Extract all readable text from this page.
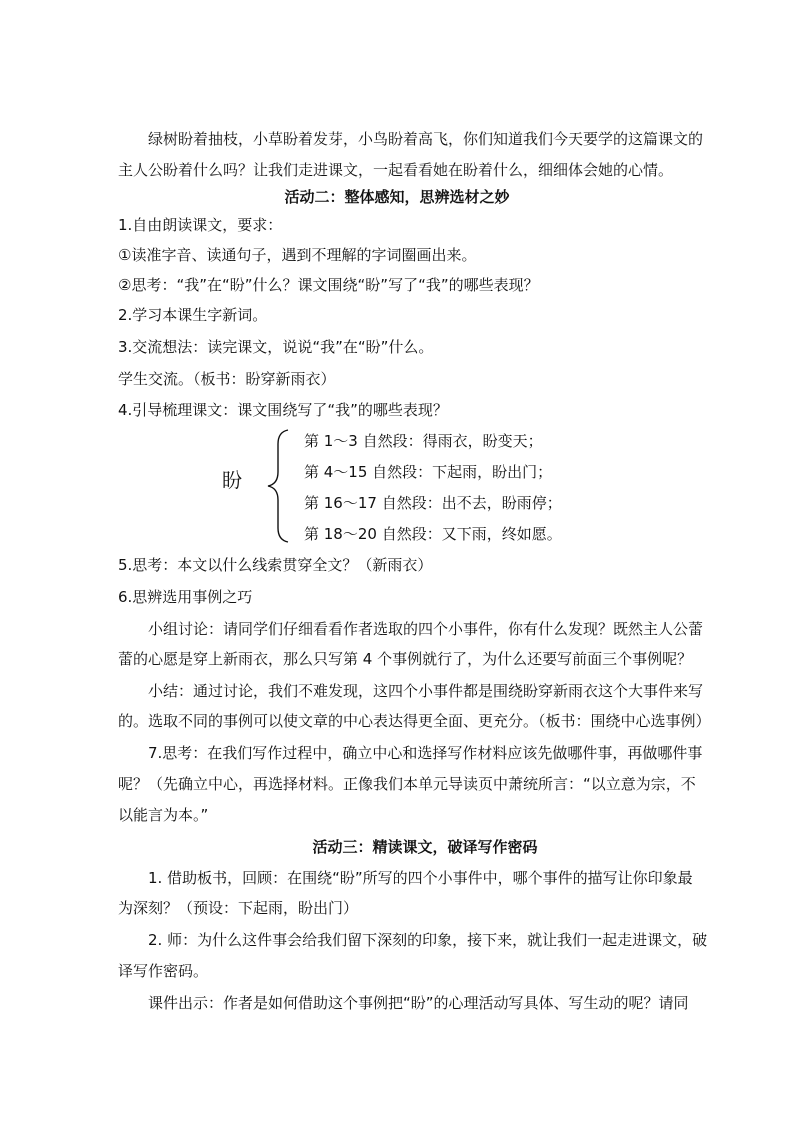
绿树盼着抽枝，小草盼着发芽，小鸟盼着高飞，你们知道我们今天要学的这篇课文的
主人公盼着什么吗？让我们走进课文，一起看看她在盼着什么，细细体会她的心情。
活动二：整体感知，思辨选材之妙
1.自由朗读课文，要求：
①读准字音、读通句子，遇到不理解的字词圈画出来。
②思考：“我”在“盼”什么？课文围绕“盼”写了“我”的哪些表现？
2.学习本课生字新词。
3.交流想法：读完课文，说说“我”在“盼”什么。
学生交流。（板书：盼穿新雨衣）
4.引导梳理课文：课文围绕写了“我”的哪些表现？
盼
第 1～3 自然段：得雨衣，盼变天；
第 4～15 自然段：下起雨，盼出门；
第 16～17 自然段：出不去，盼雨停；
第 18～20 自然段：又下雨，终如愿。
5.思考：本文以什么线索贯穿全文？（新雨衣）
6.思辨选用事例之巧
小组讨论：请同学们仔细看看作者选取的四个小事件，你有什么发现？既然主人公蕾
蕾的心愿是穿上新雨衣，那么只写第 4 个事例就行了，为什么还要写前面三个事例呢？
小结：通过讨论，我们不难发现，这四个小事件都是围绕盼穿新雨衣这个大事件来写
的。选取不同的事例可以使文章的中心表达得更全面、更充分。（板书：围绕中心选事例）
7.思考：在我们写作过程中，确立中心和选择写作材料应该先做哪件事，再做哪件事
呢？（先确立中心，再选择材料。正像我们本单元导读页中萧统所言：“以立意为宗，不
以能言为本。”
活动三：精读课文，破译写作密码
1. 借助板书，回顾：在围绕“盼”所写的四个小事件中，哪个事件的描写让你印象最
为深刻？（预设：下起雨，盼出门）
2. 师：为什么这件事会给我们留下深刻的印象，接下来，就让我们一起走进课文，破
译写作密码。
课件出示：作者是如何借助这个事例把“盼”的心理活动写具体、写生动的呢？请同
